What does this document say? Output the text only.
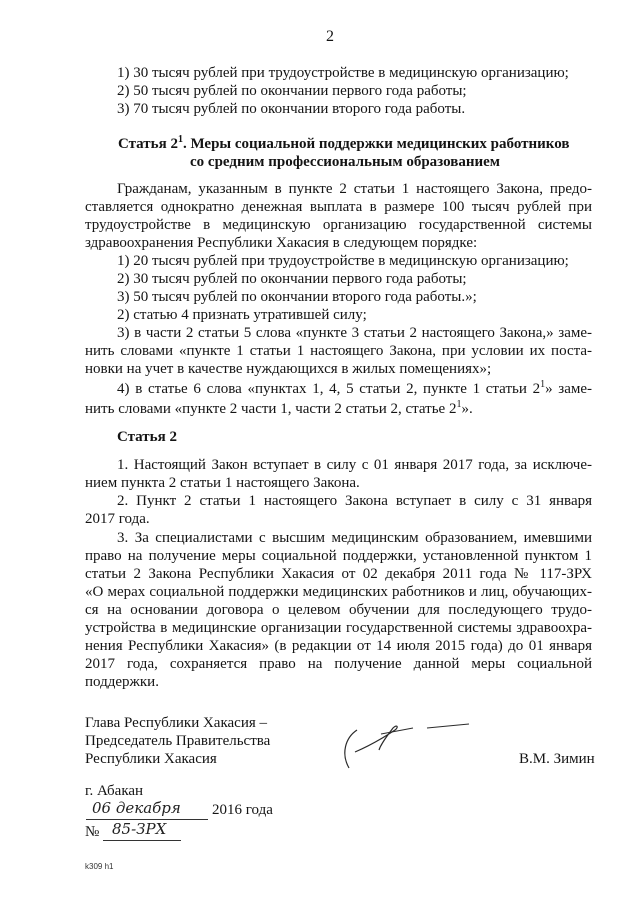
2
1) 30 тысяч рублей при трудоустройстве в медицинскую организацию;
2) 50 тысяч рублей по окончании первого года работы;
3) 70 тысяч рублей по окончании второго года работы.
Статья $2^1$. Меры социальной поддержки медицинских работников
со средним профессиональным образованием
Гражданам, указанным в пункте 2 статьи 1 настоящего Закона, предо-
ставляется однократно денежная выплата в размере 100 тысяч рублей при
трудоустройстве в медицинскую организацию государственной системы
здравоохранения Республики Хакасия в следующем порядке:
1) 20 тысяч рублей при трудоустройстве в медицинскую организацию;
2) 30 тысяч рублей по окончании первого года работы;
3) 50 тысяч рублей по окончании второго года работы.»;
2) статью 4 признать утратившей силу;
3) в части 2 статьи 5 слова «пункте 3 статьи 2 настоящего Закона,» заме-
нить словами «пункте 1 статьи 1 настоящего Закона, при условии их поста-
новки на учет в качестве нуждающихся в жилых помещениях»;
4) в статье 6 слова «пунктах 1, 4, 5 статьи 2, пункте 1 статьи $2^1$» заме-
нить словами «пункте 2 части 1, части 2 статьи 2, статье $2^1$».
Статья 2
1. Настоящий Закон вступает в силу с 01 января 2017 года, за исключе-
нием пункта 2 статьи 1 настоящего Закона.
2. Пункт 2 статьи 1 настоящего Закона вступает в силу с 31 января
2017 года.
3. За специалистами с высшим медицинским образованием, имевшими
право на получение меры социальной поддержки, установленной пунктом 1
статьи 2 Закона Республики Хакасия от 02 декабря 2011 года № 117-ЗРХ
«О мерах социальной поддержки медицинских работников и лиц, обучающих-
ся на основании договора о целевом обучении для последующего трудо-
устройства в медицинские организации государственной системы здравоохра-
нения Республики Хакасия» (в редакции от 14 июля 2015 года) до 01 января
2017 года, сохраняется право на получение данной меры социальной
поддержки.
Глава Республики Хакасия –
Председатель Правительства
Республики Хакасия	В.М. Зимин
г. Абакан
06 декабря 2016 года
№ 85-ЗРХ
k309 h1
